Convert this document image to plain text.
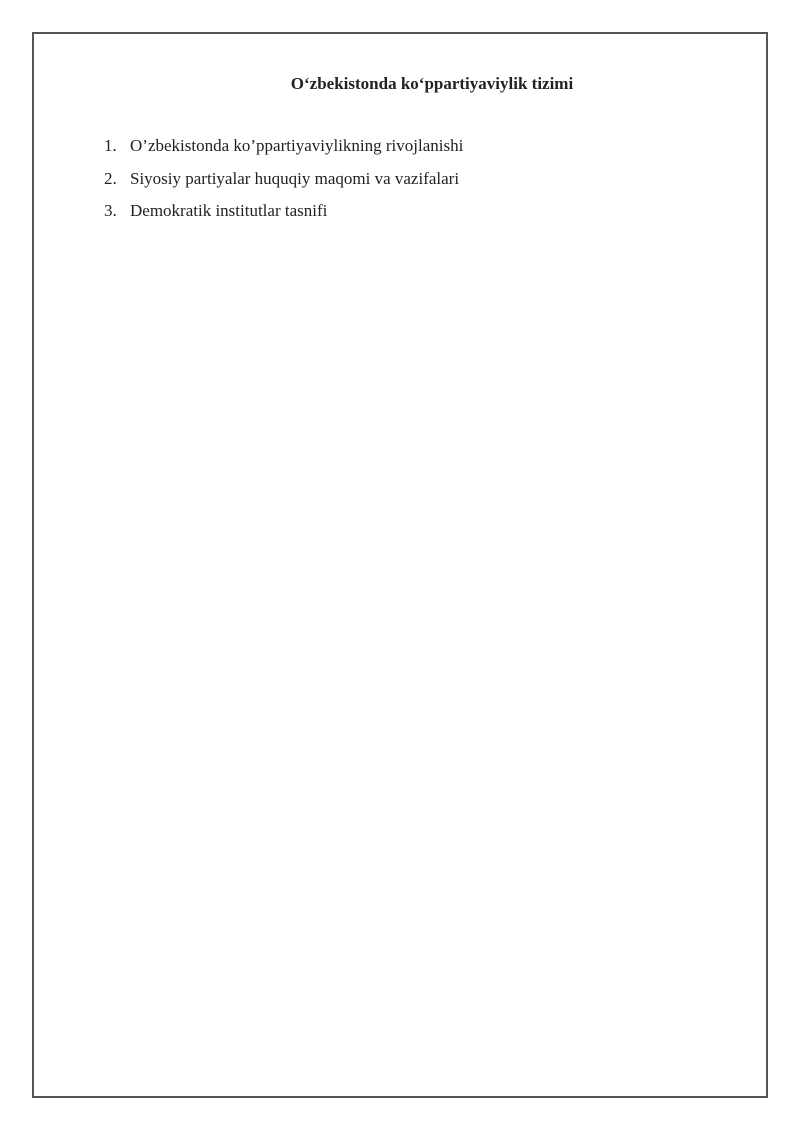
O‘zbekistonda ko‘ppartiyaviylik tizimi
1. O’zbekistonda ko’ppartiyaviylikning rivojlanishi
2. Siyosiy partiyalar huquqiy maqomi va vazifalari
3. Demokratik institutlar tasnifi
